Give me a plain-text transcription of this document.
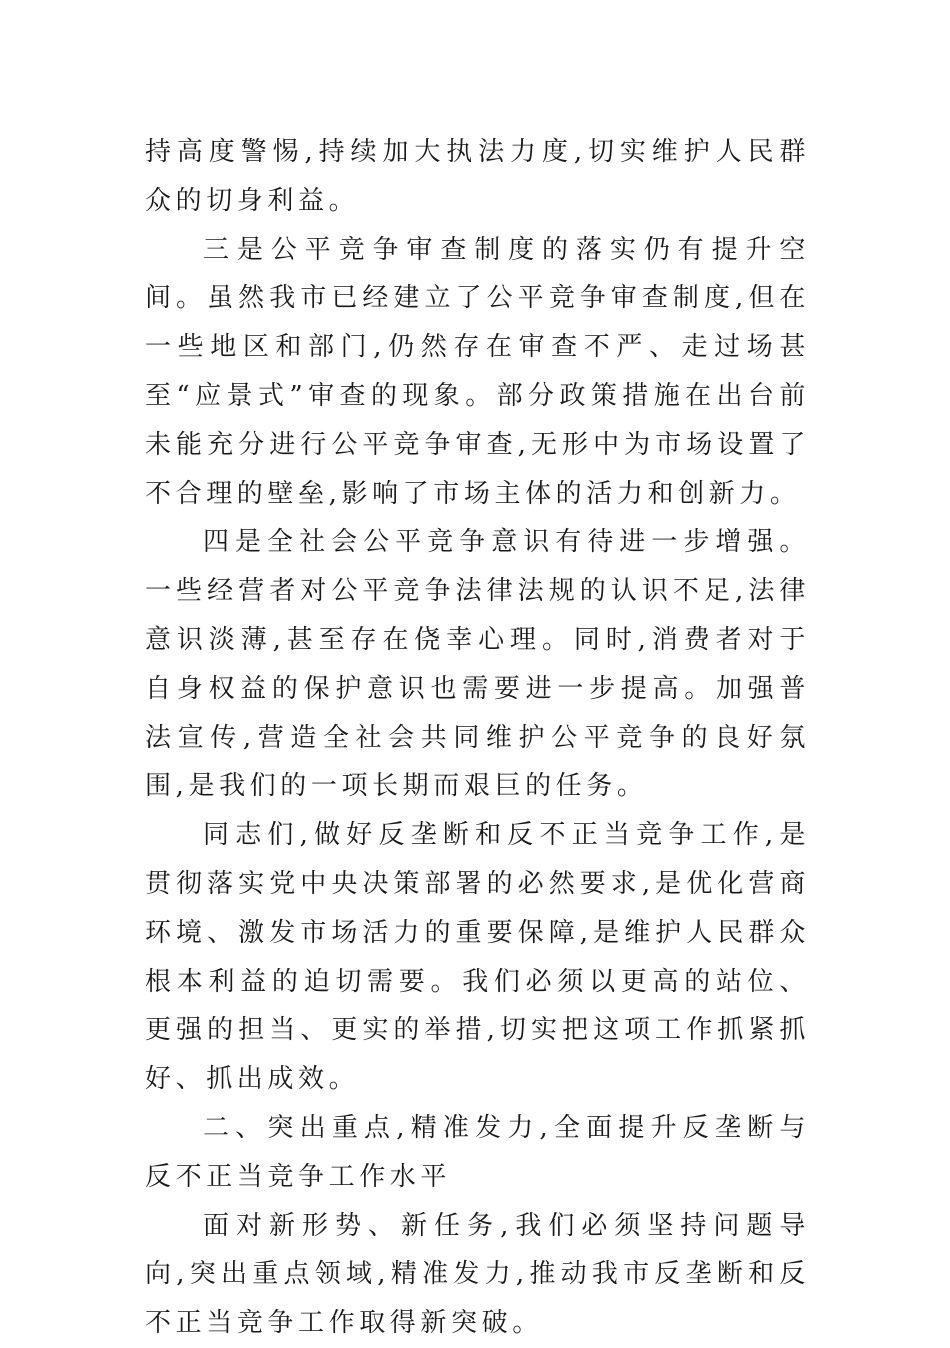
持高度警惕,持续加大执法力度,切实维护人民群众的切身利益。

三是公平竞争审查制度的落实仍有提升空间。虽然我市已经建立了公平竞争审查制度,但在一些地区和部门,仍然存在审查不严、走过场甚至“应景式”审查的现象。部分政策措施在出台前未能充分进行公平竞争审查,无形中为市场设置了不合理的壁垒,影响了市场主体的活力和创新力。

四是全社会公平竞争意识有待进一步增强。一些经营者对公平竞争法律法规的认识不足,法律意识淡薄,甚至存在侥幸心理。同时,消费者对于自身权益的保护意识也需要进一步提高。加强普法宣传,营造全社会共同维护公平竞争的良好氛围,是我们的一项长期而艰巨的任务。

同志们,做好反垄断和反不正当竞争工作,是贯彻落实党中央决策部署的必然要求,是优化营商环境、激发市场活力的重要保障,是维护人民群众根本利益的迫切需要。我们必须以更高的站位、更强的担当、更实的举措,切实把这项工作抓紧抓好、抓出成效。

二、突出重点,精准发力,全面提升反垄断与反不正当竞争工作水平

面对新形势、新任务,我们必须坚持问题导向,突出重点领域,精准发力,推动我市反垄断和反不正当竞争工作取得新突破。
